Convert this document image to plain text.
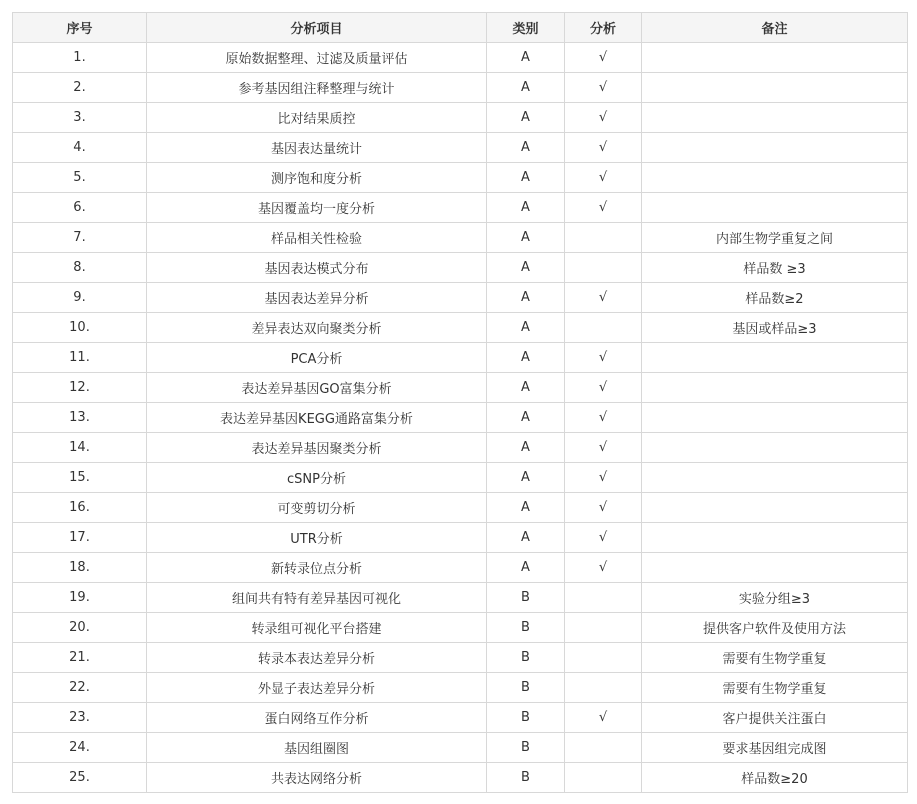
序号	分析项目	类别	分析	备注
1.	原始数据整理、过滤及质量评估	A	√	
2.	参考基因组注释整理与统计	A	√	
3.	比对结果质控	A	√	
4.	基因表达量统计	A	√	
5.	测序饱和度分析	A	√	
6.	基因覆盖均一度分析	A	√	
7.	样品相关性检验	A		内部生物学重复之间
8.	基因表达模式分布	A		样品数 ≥3
9.	基因表达差异分析	A	√	样品数≥2
10.	差异表达双向聚类分析	A		基因或样品≥3
11.	PCA分析	A	√	
12.	表达差异基因GO富集分析	A	√	
13.	表达差异基因KEGG通路富集分析	A	√	
14.	表达差异基因聚类分析	A	√	
15.	cSNP分析	A	√	
16.	可变剪切分析	A	√	
17.	UTR分析	A	√	
18.	新转录位点分析	A	√	
19.	组间共有特有差异基因可视化	B		实验分组≥3
20.	转录组可视化平台搭建	B		提供客户软件及使用方法
21.	转录本表达差异分析	B		需要有生物学重复
22.	外显子表达差异分析	B		需要有生物学重复
23.	蛋白网络互作分析	B	√	客户提供关注蛋白
24.	基因组圈图	B		要求基因组完成图
25.	共表达网络分析	B		样品数≥20
